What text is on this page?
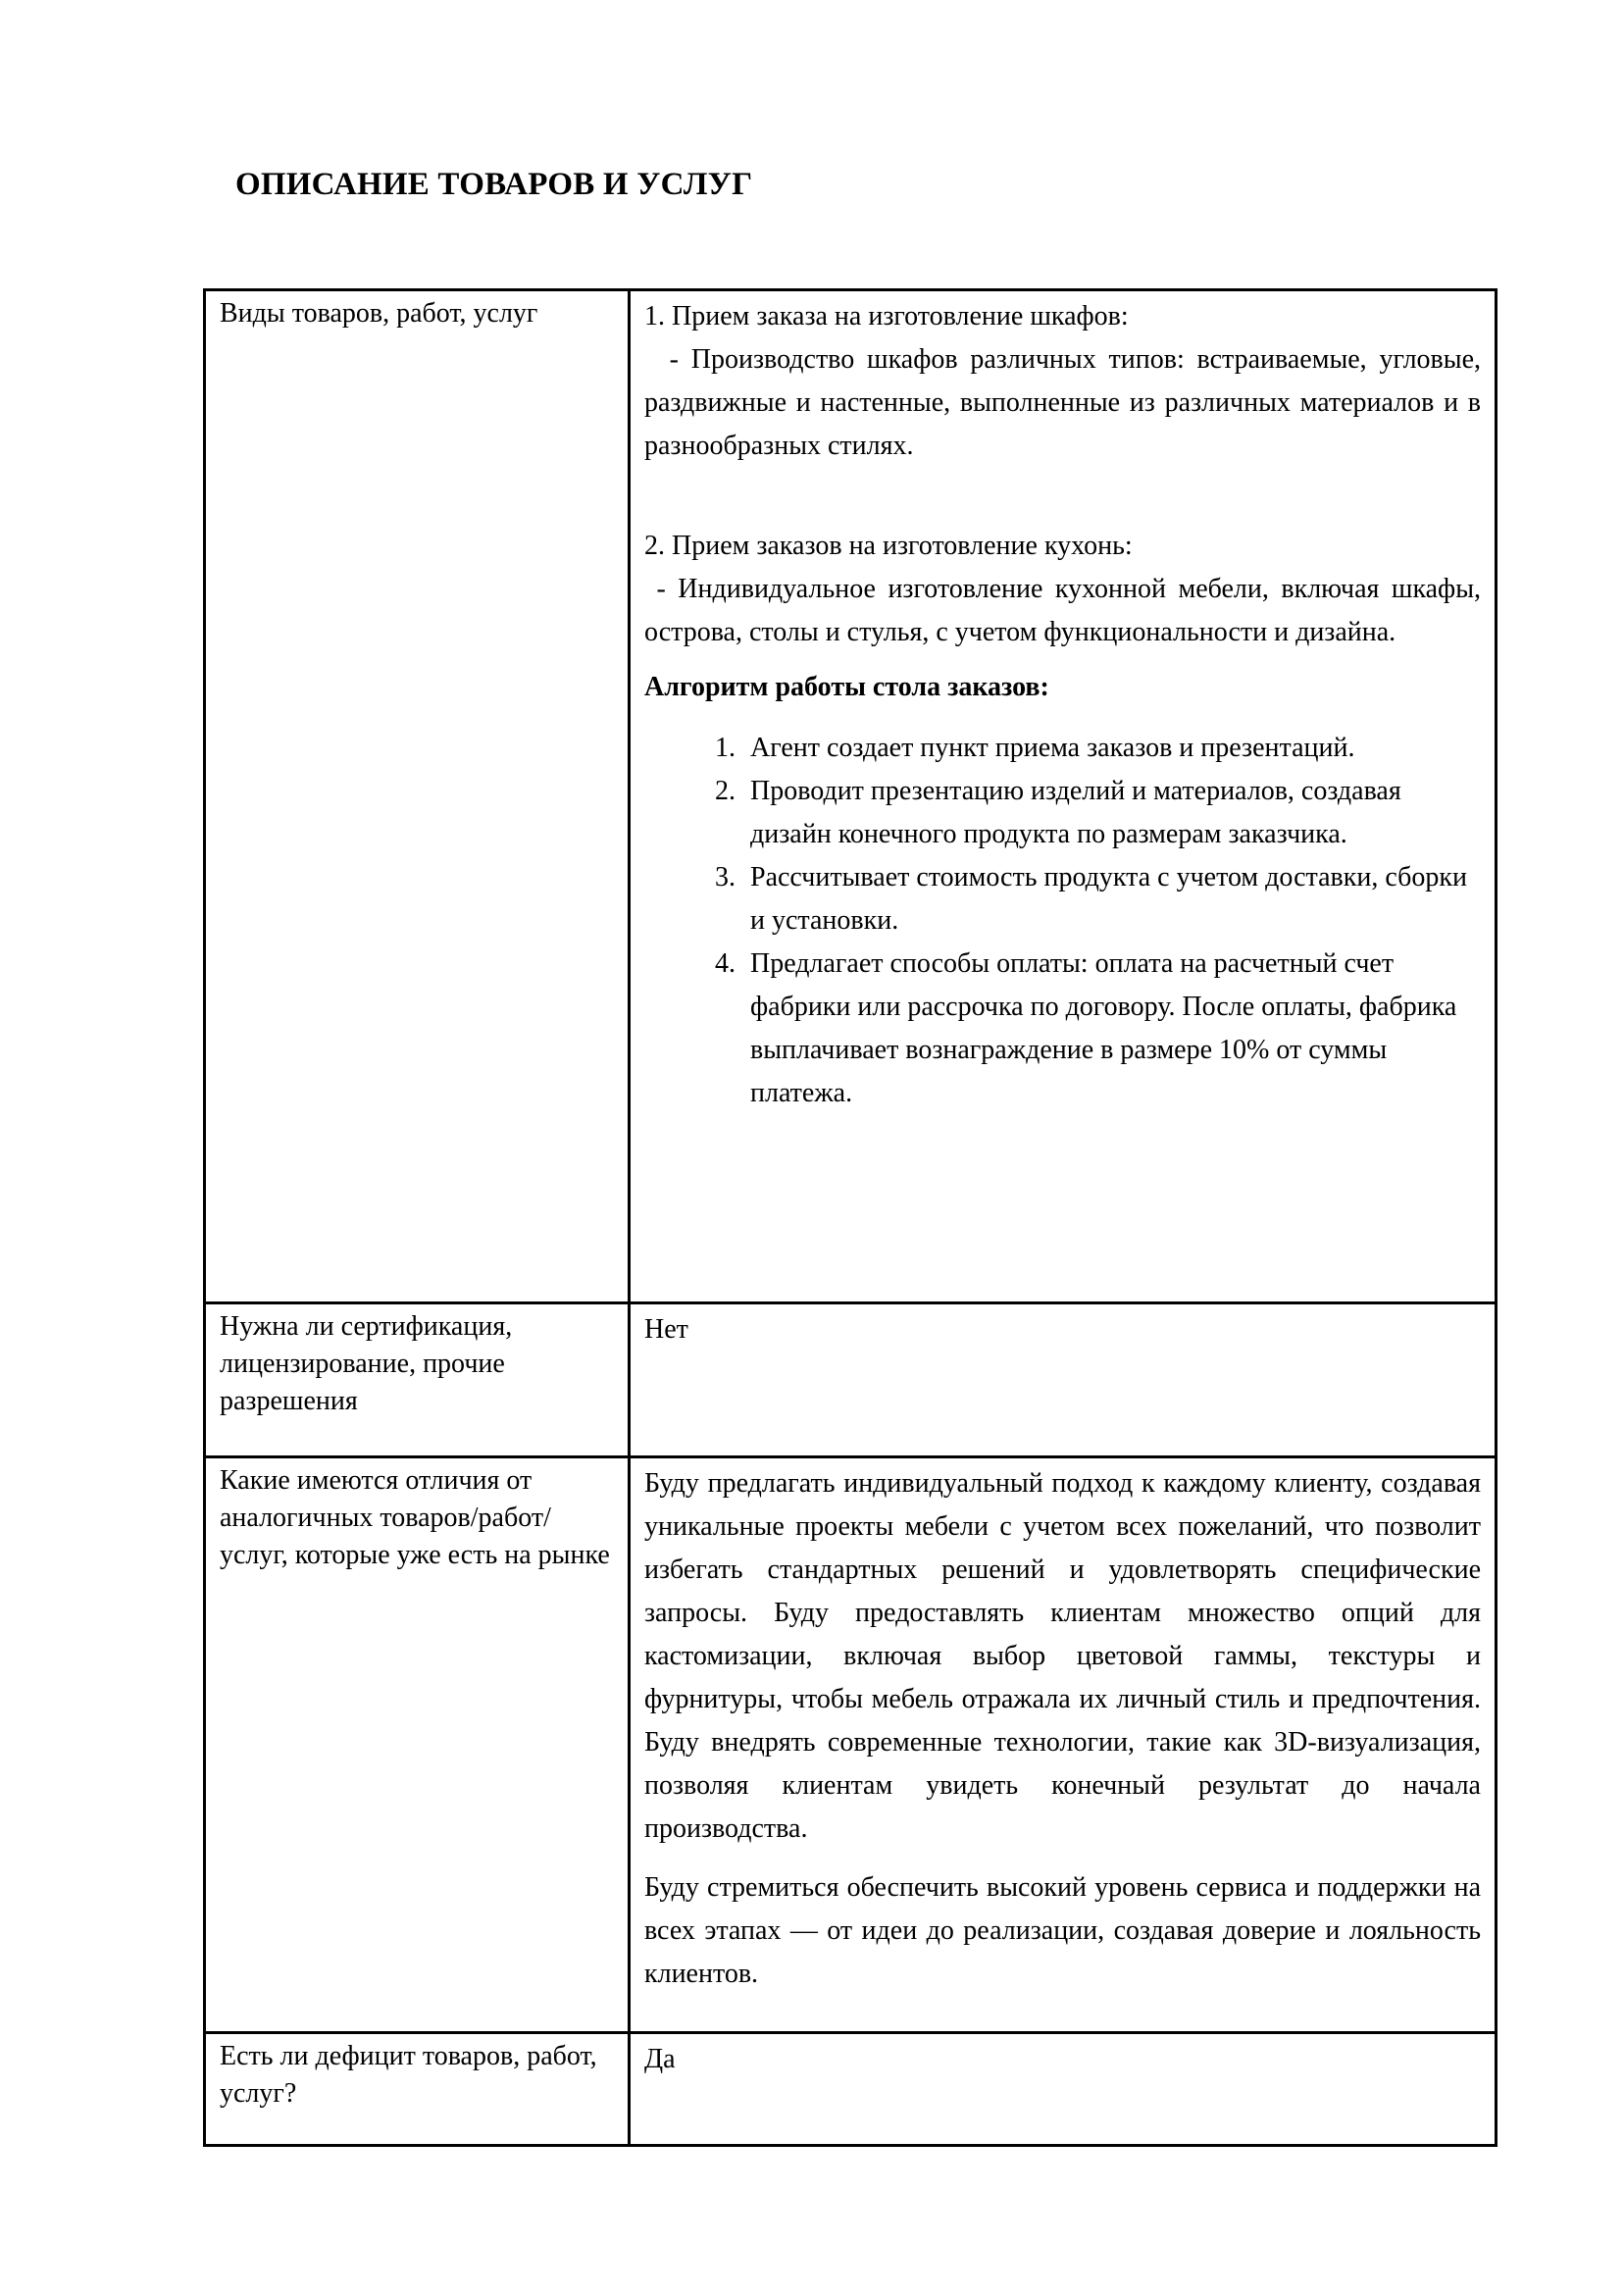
ОПИСАНИЕ ТОВАРОВ И УСЛУГ
Виды товаров, работ, услуг	1. Прием заказа на изготовление шкафов:

- Производство шкафов различных типов: встраиваемые, угловые, раздвижные и настенные, выполненные из различных материалов и в разнообразных стилях.

2. Прием заказов на изготовление кухонь:

- Индивидуальное изготовление кухонной мебели, включая шкафы, острова, столы и стулья, с учетом функциональности и дизайна.

Алгоритм работы стола заказов:

1. Агент создает пункт приема заказов и презентаций.
2. Проводит презентацию изделий и материалов, создавая дизайн конечного продукта по размерам заказчика.
3. Рассчитывает стоимость продукта с учетом доставки, сборки и установки.
4. Предлагает способы оплаты: оплата на расчетный счет фабрики или рассрочка по договору. После оплаты, фабрика выплачивает вознаграждение в размере 10% от суммы платежа.

Нужна ли сертификация, лицензирование, прочие разрешения	Нет
Какие имеются отличия от аналогичных товаров/работ/услуг, которые уже есть на рынке	Буду предлагать индивидуальный подход к каждому клиенту, создавая уникальные проекты мебели с учетом всех пожеланий, что позволит избегать стандартных решений и удовлетворять специфические запросы. Буду предоставлять клиентам множество опций для кастомизации, включая выбор цветовой гаммы, текстуры и фурнитуры, чтобы мебель отражала их личный стиль и предпочтения. Буду внедрять современные технологии, такие как 3D-визуализация, позволяя клиентам увидеть конечный результат до начала производства.

Буду стремиться обеспечить высокий уровень сервиса и поддержки на всех этапах — от идеи до реализации, создавая доверие и лояльность клиентов.

Есть ли дефицит товаров, работ, услуг?	Да
